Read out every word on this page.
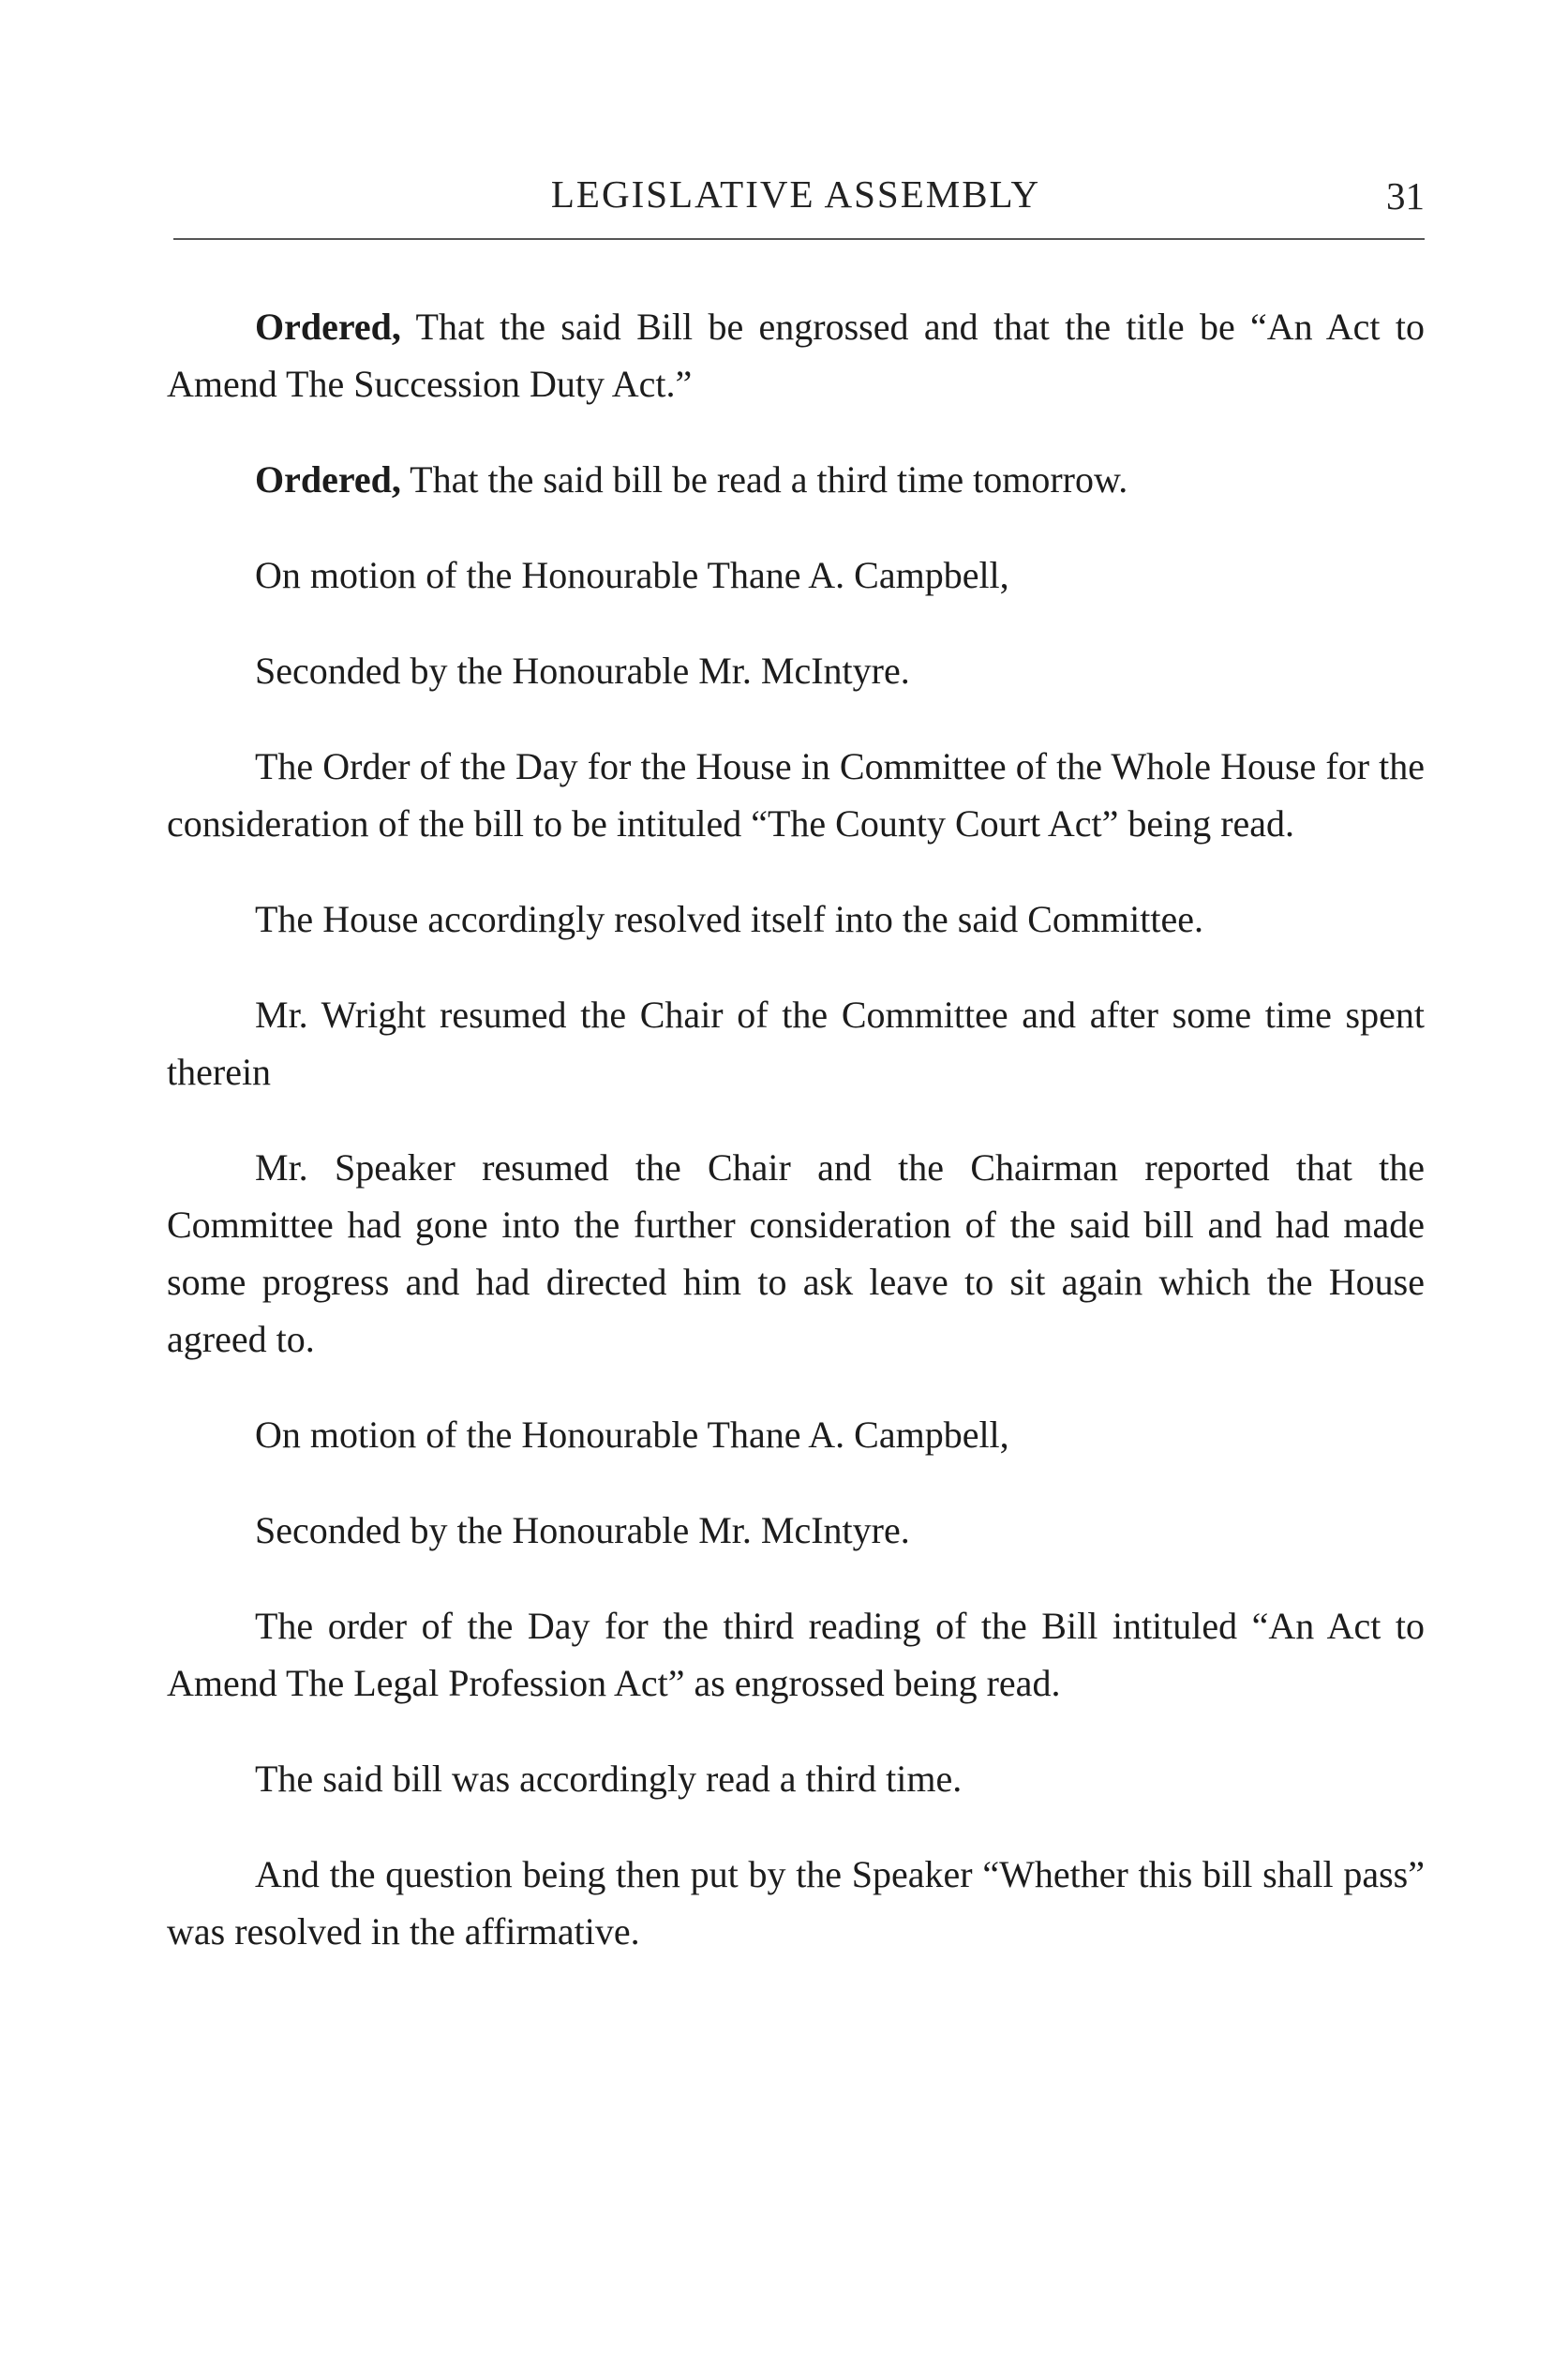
LEGISLATIVE ASSEMBLY	31

Ordered, That the said Bill be engrossed and that the title be “An Act to Amend The Succession Duty Act.”

Ordered, That the said bill be read a third time tomorrow.

On motion of the Honourable Thane A. Campbell,

Seconded by the Honourable Mr. McIntyre.

The Order of the Day for the House in Committee of the Whole House for the consideration of the bill to be intituled “The County Court Act” being read.

The House accordingly resolved itself into the said Committee.

Mr. Wright resumed the Chair of the Committee and after some time spent therein

Mr. Speaker resumed the Chair and the Chairman reported that the Committee had gone into the further consideration of the said bill and had made some progress and had directed him to ask leave to sit again which the House agreed to.

On motion of the Honourable Thane A. Campbell,

Seconded by the Honourable Mr. McIntyre.

The order of the Day for the third reading of the Bill intituled “An Act to Amend The Legal Profession Act” as engrossed being read.

The said bill was accordingly read a third time.

And the question being then put by the Speaker “Whether this bill shall pass” was resolved in the affirmative.
